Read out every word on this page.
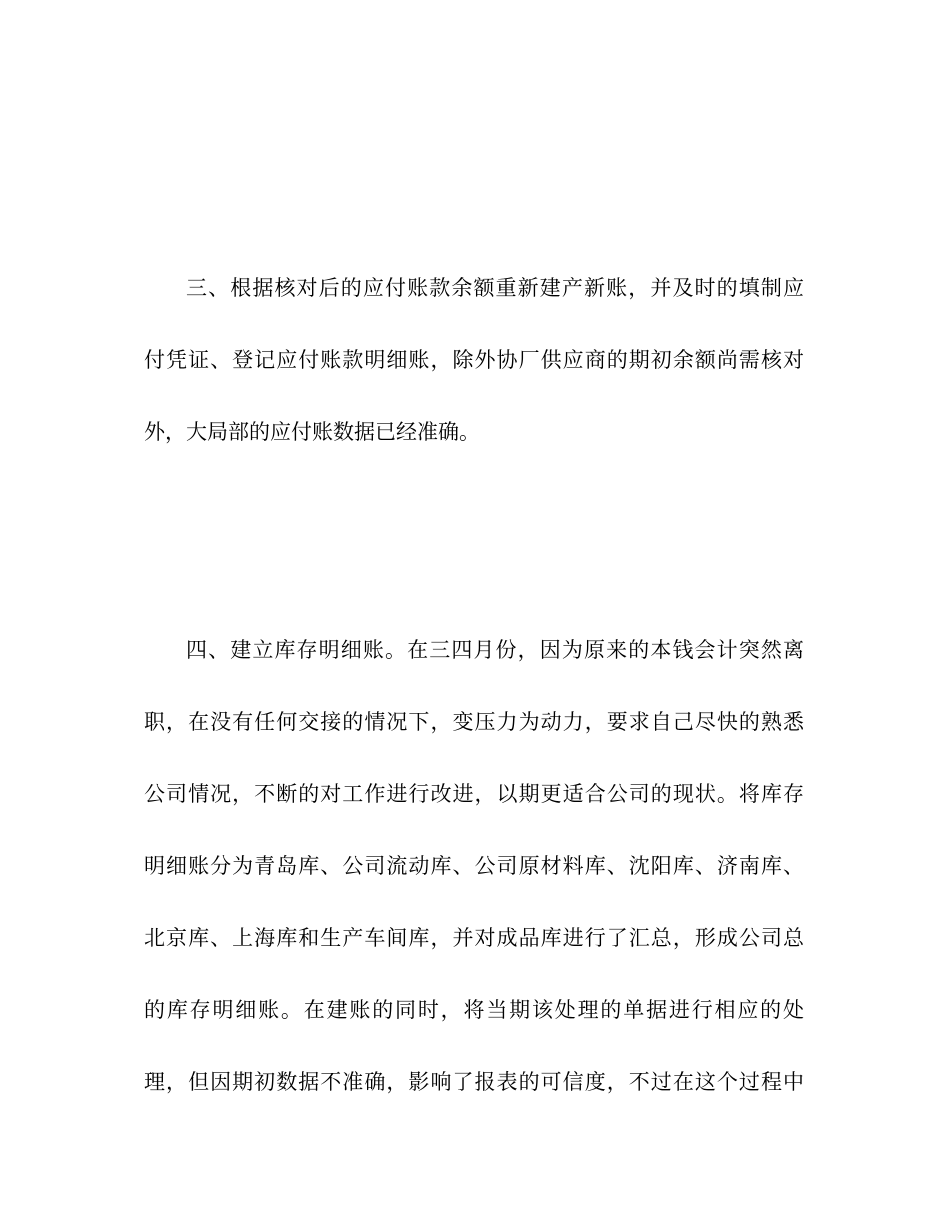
三、根据核对后的应付账款余额重新建产新账，并及时的填制应
付凭证、登记应付账款明细账，除外协厂供应商的期初余额尚需核对
外，大局部的应付账数据已经准确。
四、建立库存明细账。在三四月份，因为原来的本钱会计突然离
职，在没有任何交接的情况下，变压力为动力，要求自己尽快的熟悉
公司情况，不断的对工作进行改进，以期更适合公司的现状。将库存
明细账分为青岛库、公司流动库、公司原材料库、沈阳库、济南库、
北京库、上海库和生产车间库，并对成品库进行了汇总，形成公司总
的库存明细账。在建账的同时，将当期该处理的单据进行相应的处
理，但因期初数据不准确，影响了报表的可信度，不过在这个过程中
